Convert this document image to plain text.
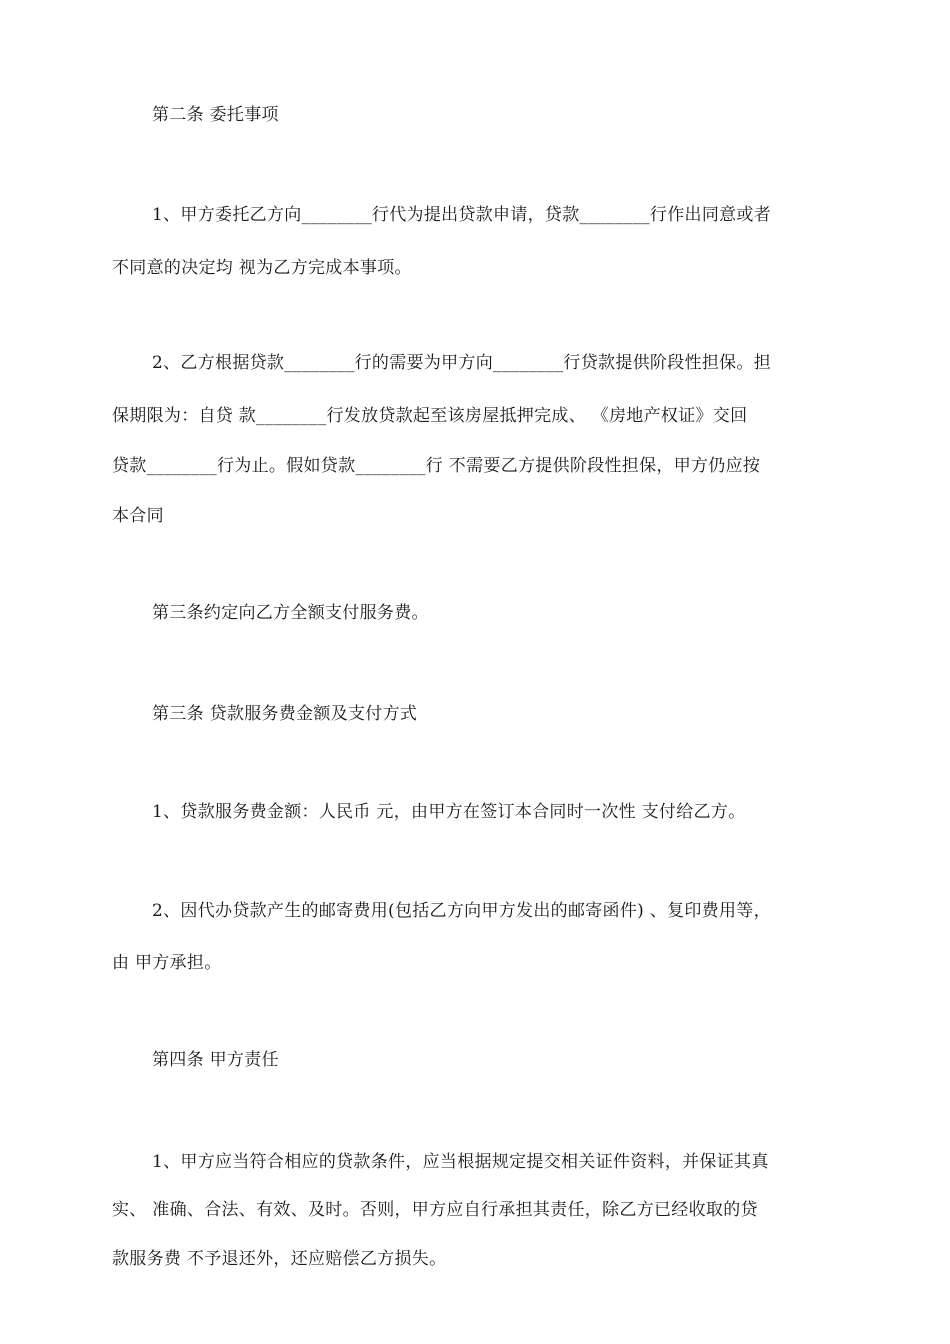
第二条 委托事项
1、甲方委托乙方向________行代为提出贷款申请，贷款________行作出同意或者
不同意的决定均 视为乙方完成本事项。
2、乙方根据贷款________行的需要为甲方向________行贷款提供阶段性担保。担
保期限为：自贷 款________行发放贷款起至该房屋抵押完成、 《房地产权证》交回
贷款________行为止。假如贷款________行 不需要乙方提供阶段性担保，甲方仍应按
本合同
第三条约定向乙方全额支付服务费。
第三条 贷款服务费金额及支付方式
1、贷款服务费金额：人民币 元，由甲方在签订本合同时一次性 支付给乙方。
2、因代办贷款产生的邮寄费用(包括乙方向甲方发出的邮寄函件) 、复印费用等，
由 甲方承担。
第四条 甲方责任
1、甲方应当符合相应的贷款条件，应当根据规定提交相关证件资料，并保证其真
实、 准确、合法、有效、及时。否则，甲方应自行承担其责任，除乙方已经收取的贷
款服务费 不予退还外，还应赔偿乙方损失。
